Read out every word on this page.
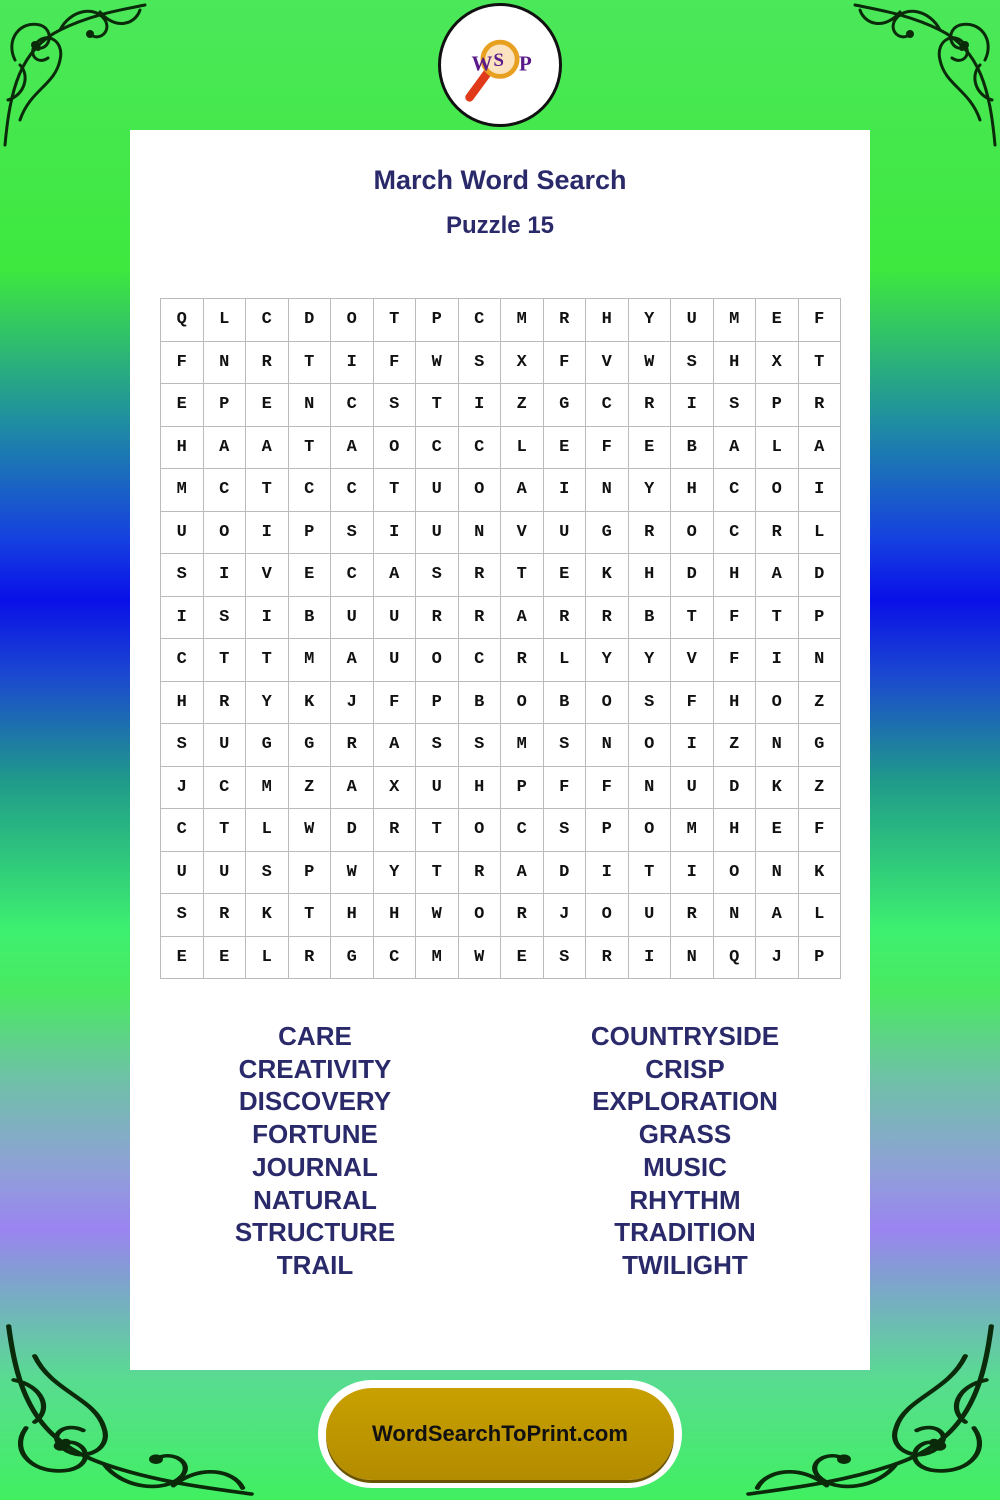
W S P
March Word Search
Puzzle 15
Q	L	C	D	O	T	P	C	M	R	H	Y	U	M	E	F
F	N	R	T	I	F	W	S	X	F	V	W	S	H	X	T
E	P	E	N	C	S	T	I	Z	G	C	R	I	S	P	R
H	A	A	T	A	O	C	C	L	E	F	E	B	A	L	A
M	C	T	C	C	T	U	O	A	I	N	Y	H	C	O	I
U	O	I	P	S	I	U	N	V	U	G	R	O	C	R	L
S	I	V	E	C	A	S	R	T	E	K	H	D	H	A	D
I	S	I	B	U	U	R	R	A	R	R	B	T	F	T	P
C	T	T	M	A	U	O	C	R	L	Y	Y	V	F	I	N
H	R	Y	K	J	F	P	B	O	B	O	S	F	H	O	Z
S	U	G	G	R	A	S	S	M	S	N	O	I	Z	N	G
J	C	M	Z	A	X	U	H	P	F	F	N	U	D	K	Z
C	T	L	W	D	R	T	O	C	S	P	O	M	H	E	F
U	U	S	P	W	Y	T	R	A	D	I	T	I	O	N	K
S	R	K	T	H	H	W	O	R	J	O	U	R	N	A	L
E	E	L	R	G	C	M	W	E	S	R	I	N	Q	J	P
CARE
CREATIVITY
DISCOVERY
FORTUNE
JOURNAL
NATURAL
STRUCTURE
TRAIL
COUNTRYSIDE
CRISP
EXPLORATION
GRASS
MUSIC
RHYTHM
TRADITION
TWILIGHT
WordSearchToPrint.com
